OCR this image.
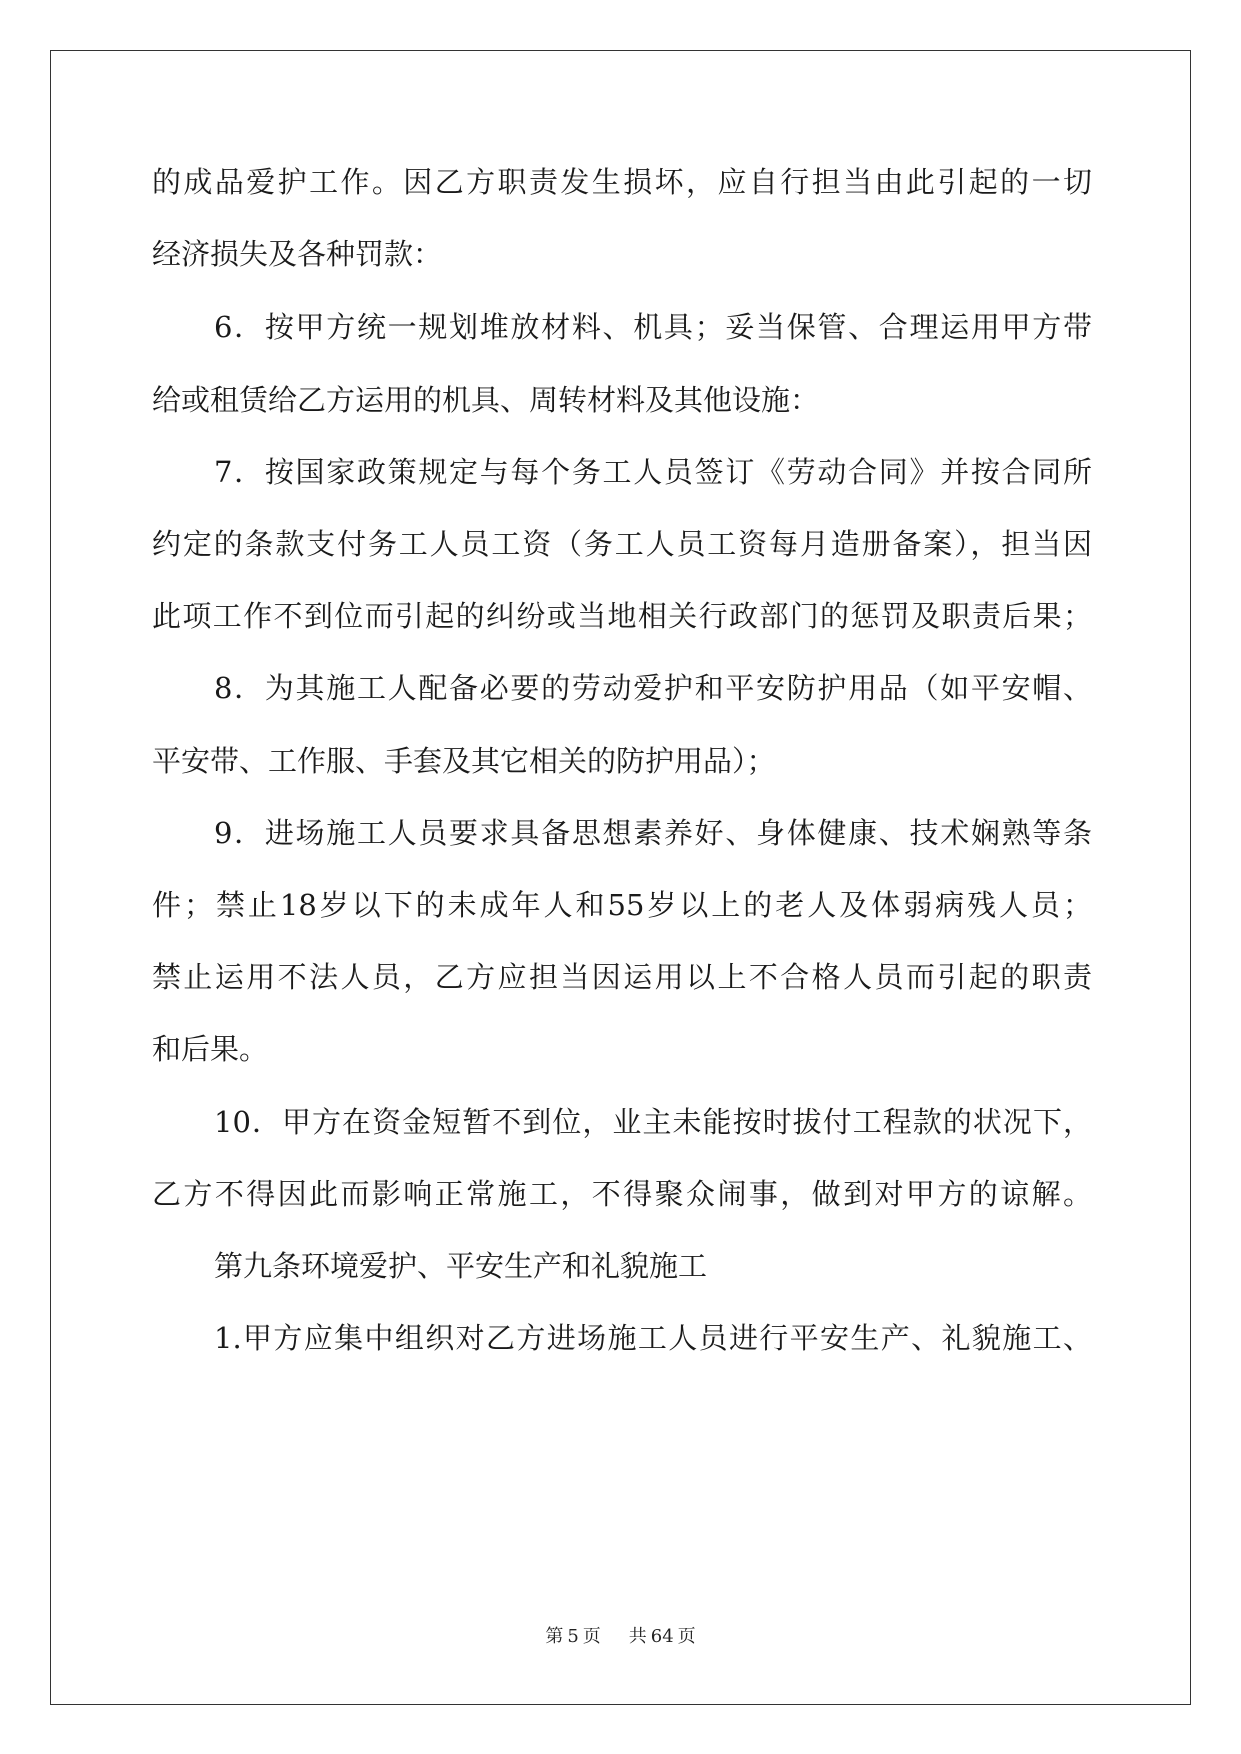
的成品爱护工作。因乙方职责发生损坏，应自行担当由此引起的一切
经济损失及各种罚款：
6．按甲方统一规划堆放材料、机具；妥当保管、合理运用甲方带
给或租赁给乙方运用的机具、周转材料及其他设施：
7．按国家政策规定与每个务工人员签订《劳动合同》并按合同所
约定的条款支付务工人员工资（务工人员工资每月造册备案），担当因
此项工作不到位而引起的纠纷或当地相关行政部门的惩罚及职责后果；
8．为其施工人配备必要的劳动爱护和平安防护用品（如平安帽、
平安带、工作服、手套及其它相关的防护用品）；
9．进场施工人员要求具备思想素养好、身体健康、技术娴熟等条
件；禁止18岁以下的未成年人和55岁以上的老人及体弱病残人员；
禁止运用不法人员，乙方应担当因运用以上不合格人员而引起的职责
和后果。
10．甲方在资金短暂不到位，业主未能按时拔付工程款的状况下，
乙方不得因此而影响正常施工，不得聚众闹事，做到对甲方的谅解。
第九条环境爱护、平安生产和礼貌施工
1.甲方应集中组织对乙方进场施工人员进行平安生产、礼貌施工、
第 5 页 共 64 页
